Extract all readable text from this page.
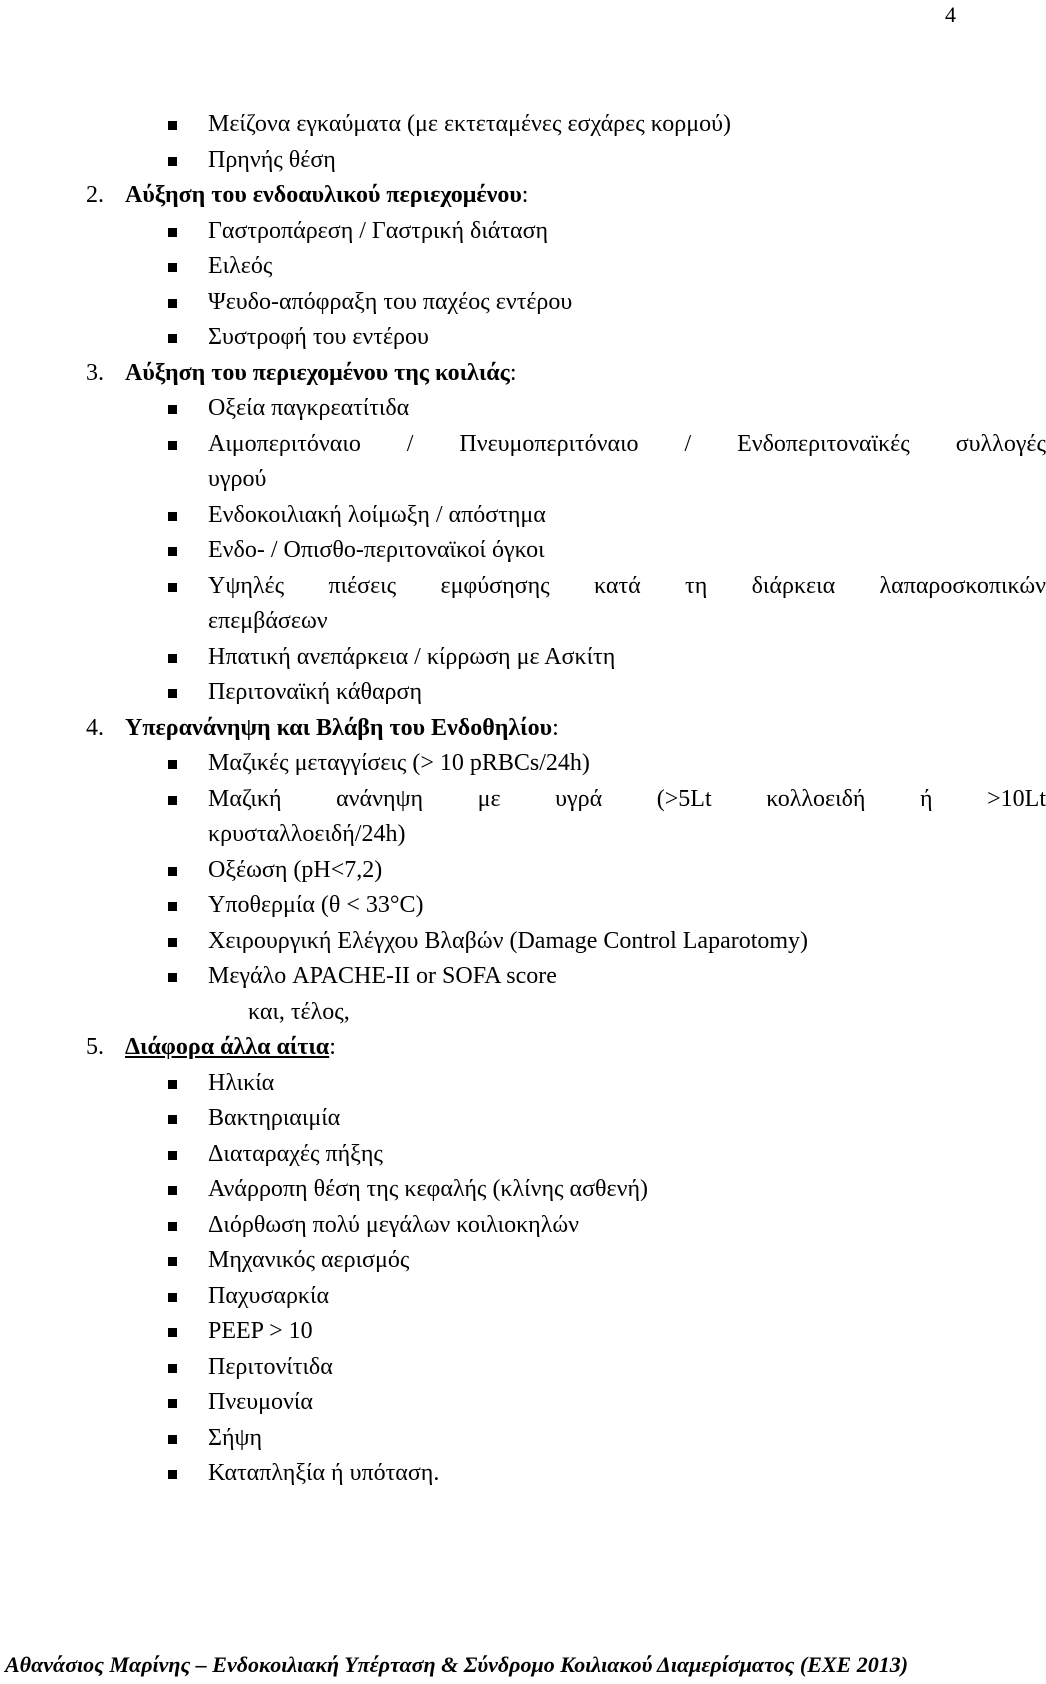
4
Μείζονα εγκαύματα (με εκτεταμένες εσχάρες κορμού)
Πρηνής θέση
2. Αύξηση του ενδοαυλικού περιεχομένου:
Γαστροπάρεση / Γαστρική διάταση
Ειλεός
Ψευδο-απόφραξη του παχέος εντέρου
Συστροφή του εντέρου
3. Αύξηση του περιεχομένου της κοιλιάς:
Οξεία παγκρεατίτιδα
Αιμοπεριτόναιο / Πνευμοπεριτόναιο / Ενδοπεριτοναϊκές συλλογές
υγρού
Ενδοκοιλιακή λοίμωξη / απόστημα
Ενδο- / Οπισθο-περιτοναϊκοί όγκοι
Υψηλές πιέσεις εμφύσησης κατά τη διάρκεια λαπαροσκοπικών
επεμβάσεων
Ηπατική ανεπάρκεια / κίρρωση με Ασκίτη
Περιτοναϊκή κάθαρση
4. Υπερανάνηψη και Βλάβη του Ενδοθηλίου:
Μαζικές μεταγγίσεις (> 10 pRBCs/24h)
Μαζική ανάνηψη με υγρά (>5Lt κολλοειδή ή >10Lt
κρυσταλλοειδή/24h)
Οξέωση (pH<7,2)
Υποθερμία (θ < 33°C)
Χειρουργική Ελέγχου Βλαβών (Damage Control Laparotomy)
Μεγάλο APACHE-II or SOFA score
και, τέλος,
5. Διάφορα άλλα αίτια:
Ηλικία
Βακτηριαιμία
Διαταραχές πήξης
Ανάρροπη θέση της κεφαλής (κλίνης ασθενή)
Διόρθωση πολύ μεγάλων κοιλιοκηλών
Μηχανικός αερισμός
Παχυσαρκία
PEEP > 10
Περιτονίτιδα
Πνευμονία
Σήψη
Καταπληξία ή υπόταση.
Αθανάσιος Μαρίνης – Ενδοκοιλιακή Υπέρταση & Σύνδρομο Κοιλιακού Διαμερίσματος (ΕΧΕ 2013)
